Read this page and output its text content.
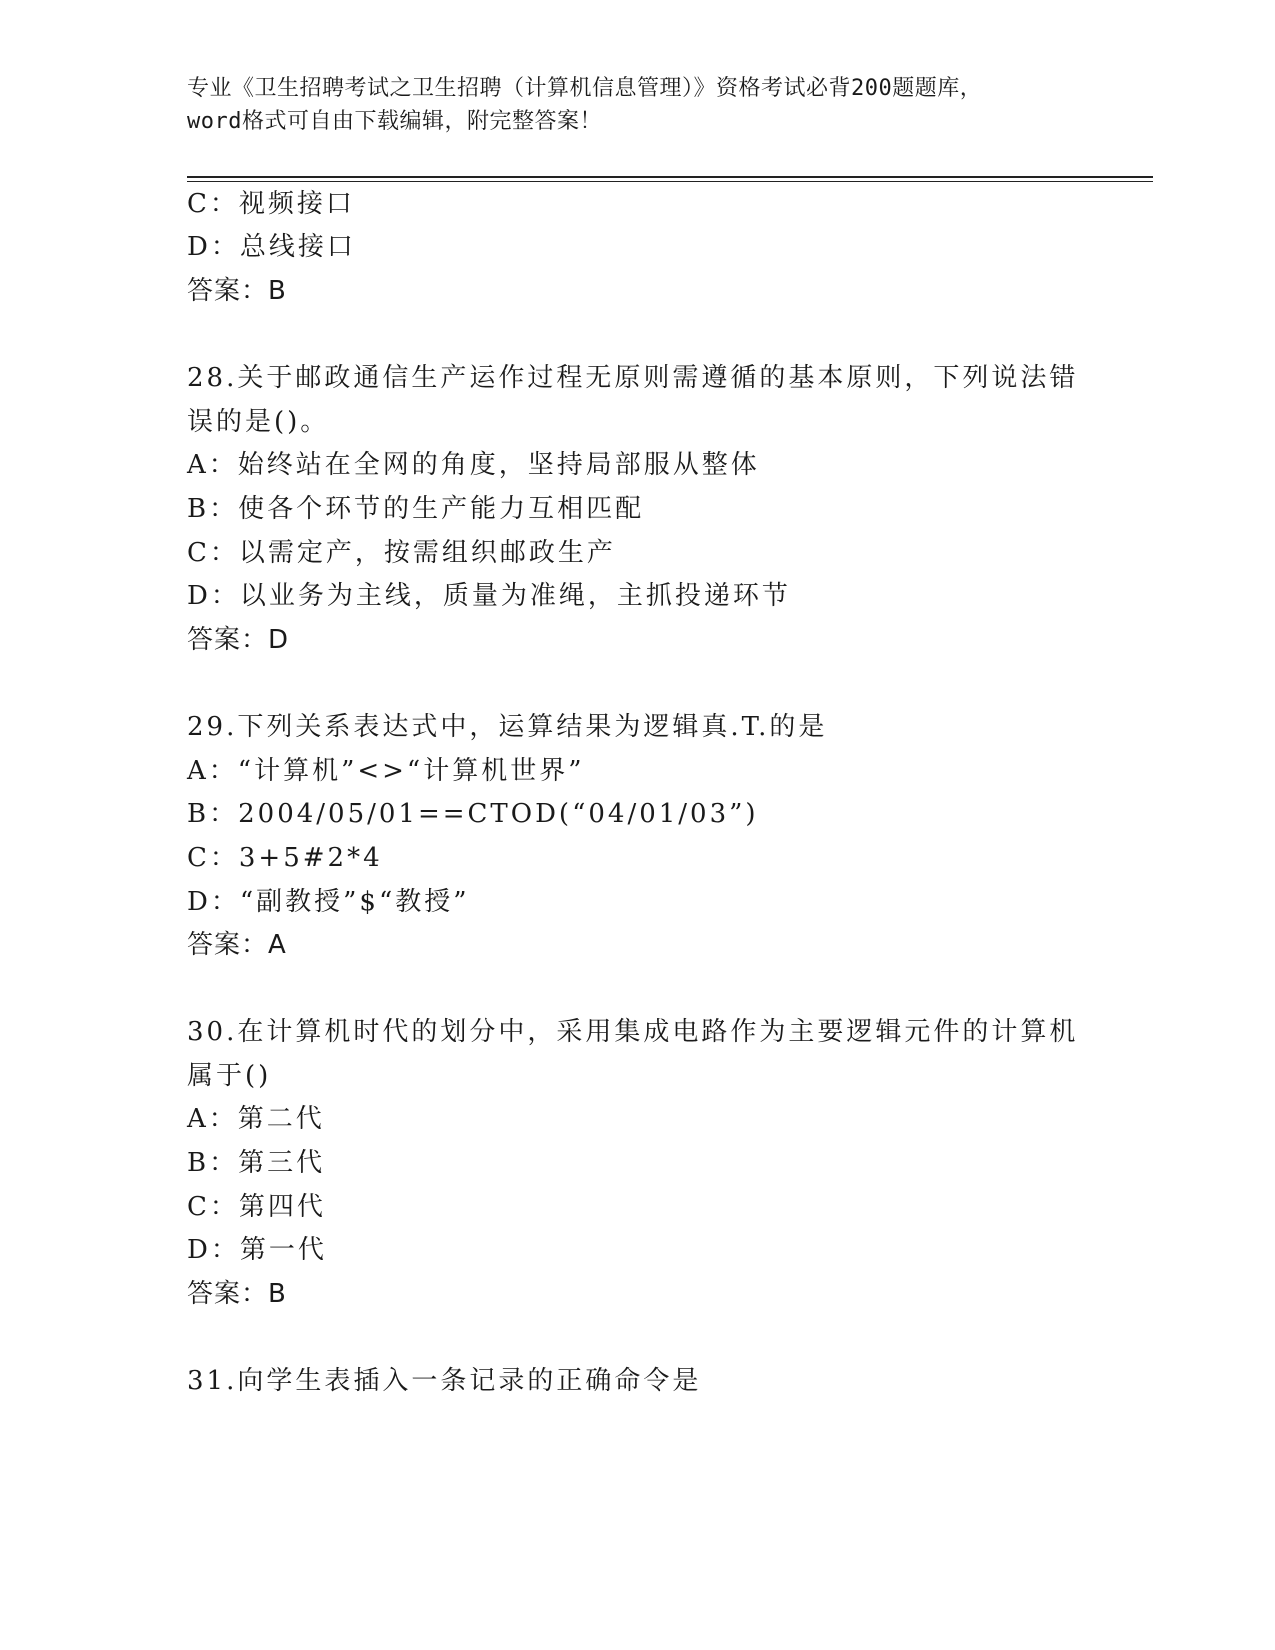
专业《卫生招聘考试之卫生招聘（计算机信息管理）》资格考试必背200题题库，
word格式可自由下载编辑，附完整答案！
C：视频接口
D：总线接口
答案：B
28.关于邮政通信生产运作过程无原则需遵循的基本原则，下列说法错
误的是()。
A：始终站在全网的角度，坚持局部服从整体
B：使各个环节的生产能力互相匹配
C：以需定产，按需组织邮政生产
D：以业务为主线，质量为准绳，主抓投递环节
答案：D
29.下列关系表达式中，运算结果为逻辑真.T.的是
A：“计算机”<>“计算机世界”
B：2004/05/01==CTOD(“04/01/03”)
C：3+5#2*4
D：“副教授”$“教授”
答案：A
30.在计算机时代的划分中，采用集成电路作为主要逻辑元件的计算机
属于()
A：第二代
B：第三代
C：第四代
D：第一代
答案：B
31.向学生表插入一条记录的正确命令是
